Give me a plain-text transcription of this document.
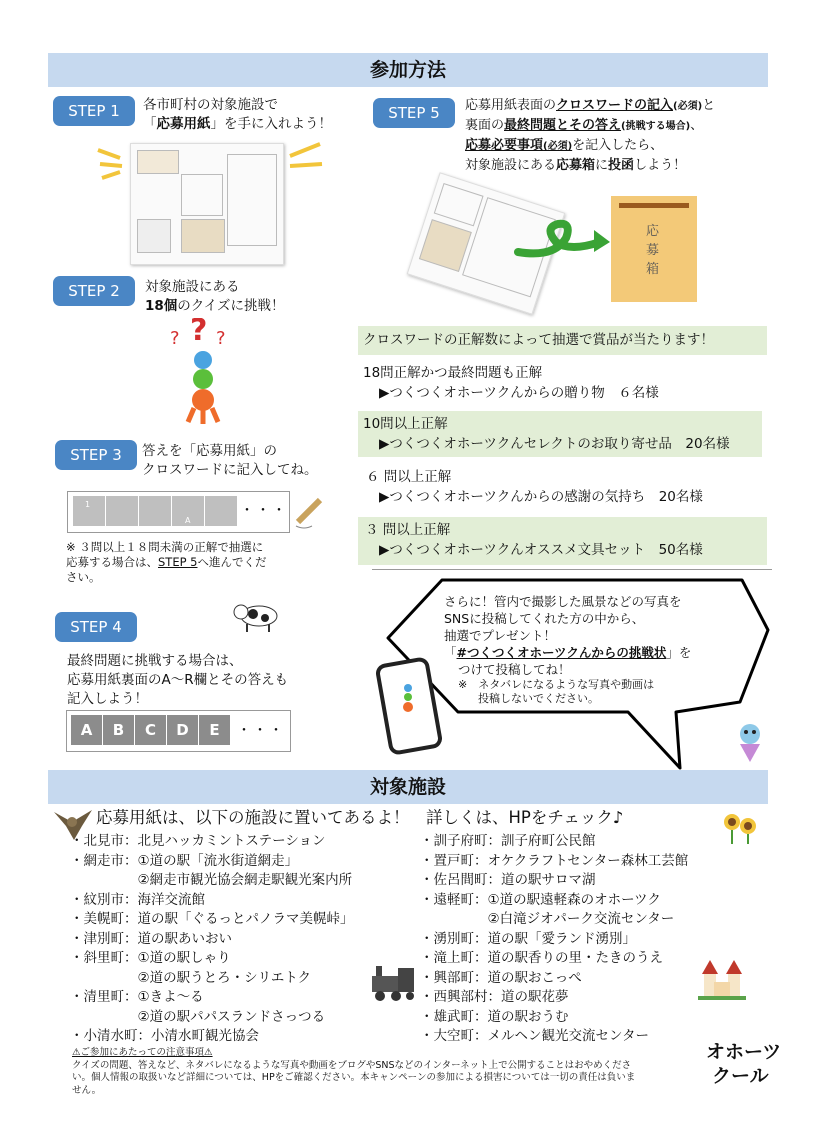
参加方法
STEP 1	各市町村の対象施設で
「応募用紙」を手に入れよう！
STEP 2	対象施設にある
18個のクイズに挑戦！
? ? ?
STEP 3	答えを「応募用紙」の
クロスワードに記入してね。
1
A
・・・
※ ３問以上１８問未満の正解で抽選に
応募する場合は、STEP 5へ進んでくだ
さい。
STEP 4
最終問題に挑戦する場合は、
応募用紙裏面のA～R欄とその答えも
記入しよう！
A B C D E	・・・
STEP 5	応募用紙表面のクロスワードの記入(必須)と
裏面の最終問題とその答え(挑戦する場合)、
応募必要事項(必須)を記入したら、
対象施設にある応募箱に投函しよう！
応募箱
クロスワードの正解数によって抽選で賞品が当たります！
18問正解かつ最終問題も正解
▶つくつくオホーツクんからの贈り物　６名様
10問以上正解
▶つくつくオホーツクんセレクトのお取り寄せ品　20名様
６ 問以上正解
▶つくつくオホーツクんからの感謝の気持ち　20名様
３ 問以上正解
▶つくつくオホーツクんオススメ文具セット　50名様
さらに！管内で撮影した風景などの写真を
SNSに投稿してくれた方の中から、
抽選でプレゼント！
「#つくつくオホーツクんからの挑戦状」を
つけて投稿してね！
※　ネタバレになるような写真や動画は
投稿しないでください。
対象施設
応募用紙は、以下の施設に置いてあるよ！　詳しくは、HPをチェック♪
・北見市：北見ハッカミントステーション
・網走市：①道の駅「流氷街道網走」
　　　　　②網走市観光協会網走駅観光案内所
・紋別市：海洋交流館
・美幌町：道の駅「ぐるっとパノラマ美幌峠」
・津別町：道の駅あいおい
・斜里町：①道の駅しゃり
　　　　　②道の駅うとろ・シリエトク
・清里町：①きよ～る
　　　　　②道の駅パパスランドさっつる
・小清水町：小清水町観光協会
・訓子府町：訓子府町公民館
・置戸町：オケクラフトセンター森林工芸館
・佐呂間町：道の駅サロマ湖
・遠軽町：①道の駅遠軽森のオホーツク
　　　　　②白滝ジオパーク交流センター
・湧別町：道の駅「愛ランド湧別」
・滝上町：道の駅香りの里・たきのうえ
・興部町：道の駅おこっぺ
・西興部村：道の駅花夢
・雄武町：道の駅おうむ
・大空町：メルヘン観光交流センター
⚠ご参加にあたっての注意事項⚠
クイズの問題、答えなど、ネタバレになるような写真や動画をブログやSNSなどのインターネット上で公開することはおやめくださ
い。個人情報の取扱いなど詳細については、HPをご確認ください。本キャンペーンの参加による損害については一切の責任は負いま
せん。
オホーツ
クール
